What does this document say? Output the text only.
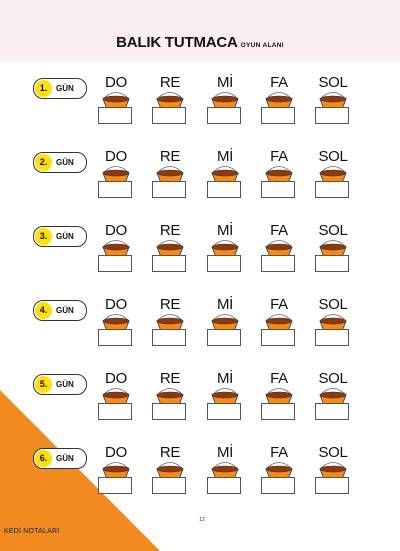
BALIK TUTMACA OYUN ALANI
1.	GÜN	DO	RE	Mİ	FA	SOL
2.	GÜN	DO	RE	Mİ	FA	SOL
3.	GÜN	DO	RE	Mİ	FA	SOL
4.	GÜN	DO	RE	Mİ	FA	SOL
5.	GÜN	DO	RE	Mİ	FA	SOL
6.	GÜN	DO	RE	Mİ	FA	SOL
KEDİ NOTALARI
12
